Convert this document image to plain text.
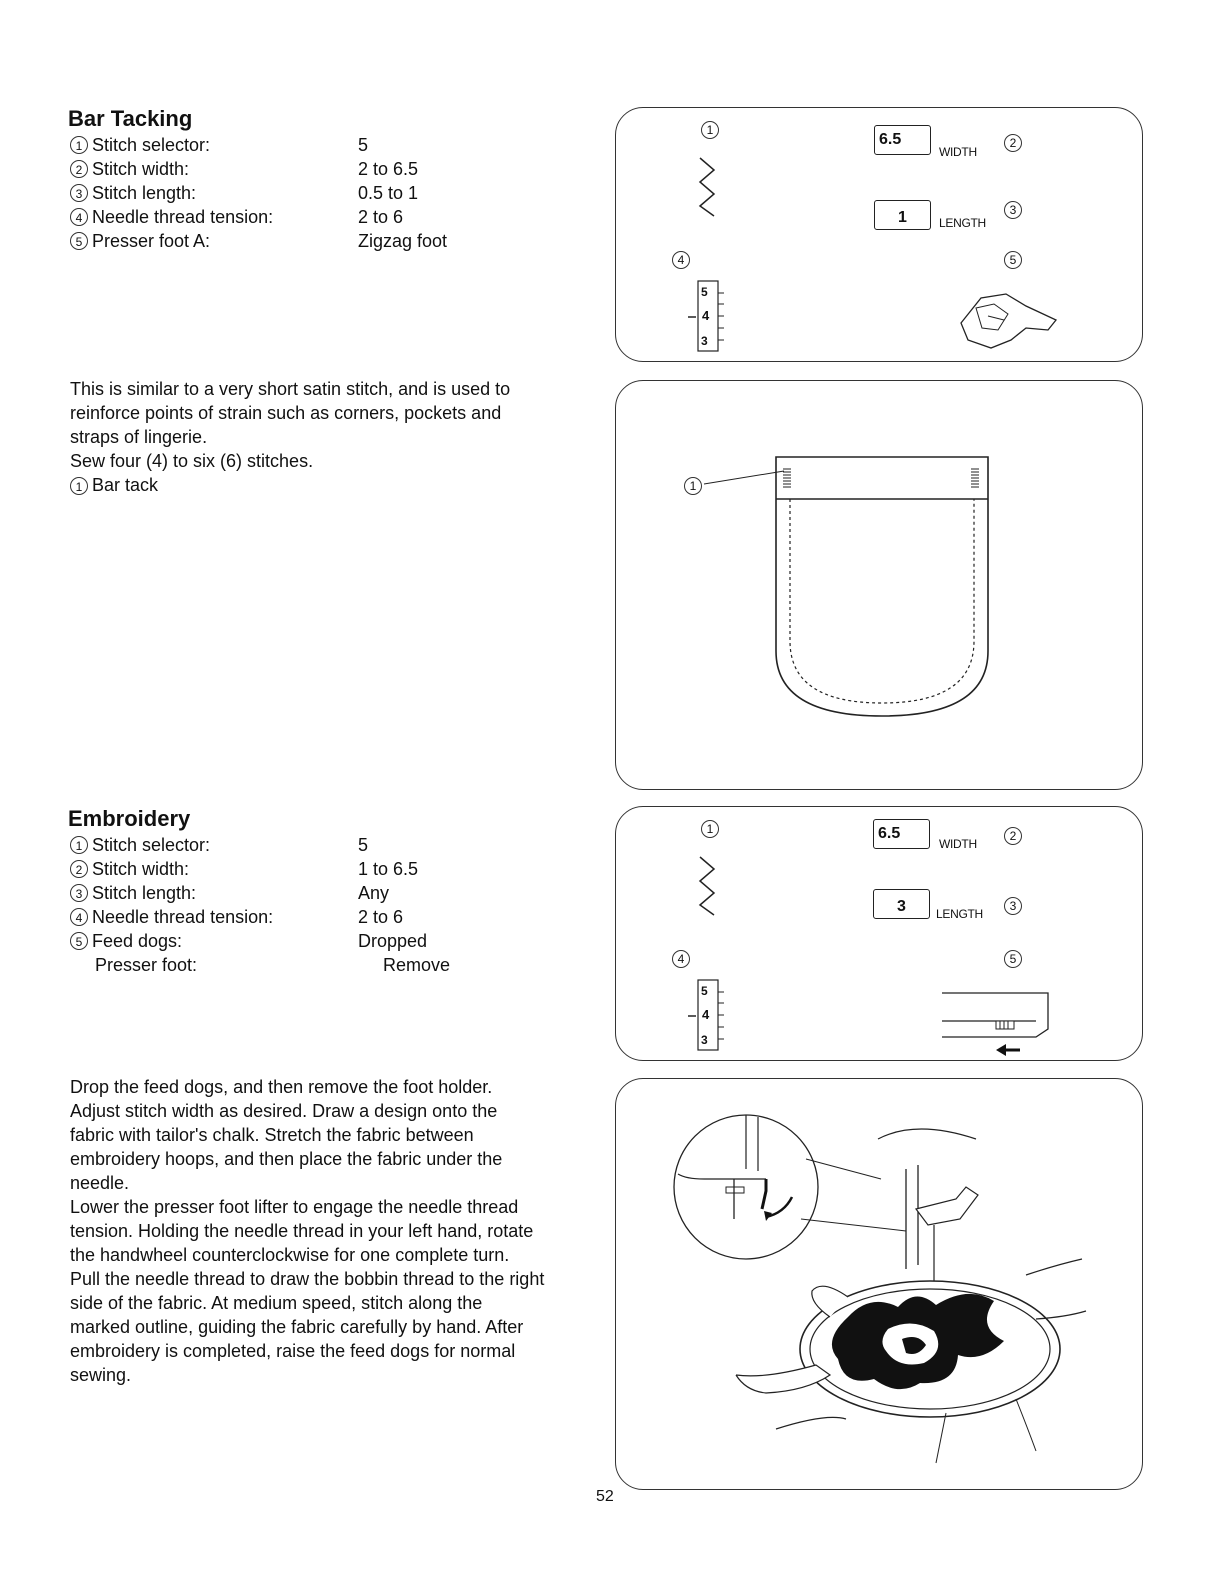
Bar Tacking
1 Stitch selector:	5
2 Stitch width:	2 to 6.5
3 Stitch length:	0.5 to 1
4 Needle thread tension:	2 to 6
5 Presser foot A:	Zigzag foot

This is similar to a very short satin stitch, and is used to

reinforce points of strain such as corners, pockets and

straps of lingerie.

Sew four (4) to six (6) stitches.

1 Bar tack

1
5
4
3
4
6.5
WIDTH
2
1	LENGTH
3
5
1
Embroidery
1 Stitch selector:	5
2 Stitch width:	1 to 6.5
3 Stitch length:	Any
4 Needle thread tension:	2 to 6
5 Feed dogs:	Dropped
Presser foot:	Remove

Drop the feed dogs, and then remove the foot holder.

Adjust stitch width as desired. Draw a design onto the

fabric with tailor's chalk. Stretch the fabric between

embroidery hoops, and then place the fabric under the

needle.

Lower the presser foot lifter to engage the needle thread

tension. Holding the needle thread in your left hand, rotate

the handwheel counterclockwise for one complete turn.

Pull the needle thread to draw the bobbin thread to the right

side of the fabric. At medium speed, stitch along the

marked outline, guiding the fabric carefully by hand. After

embroidery is completed, raise the feed dogs for normal

sewing.

1
5
4
3
4
6.5
WIDTH
2
3	LENGTH
3
5
52
